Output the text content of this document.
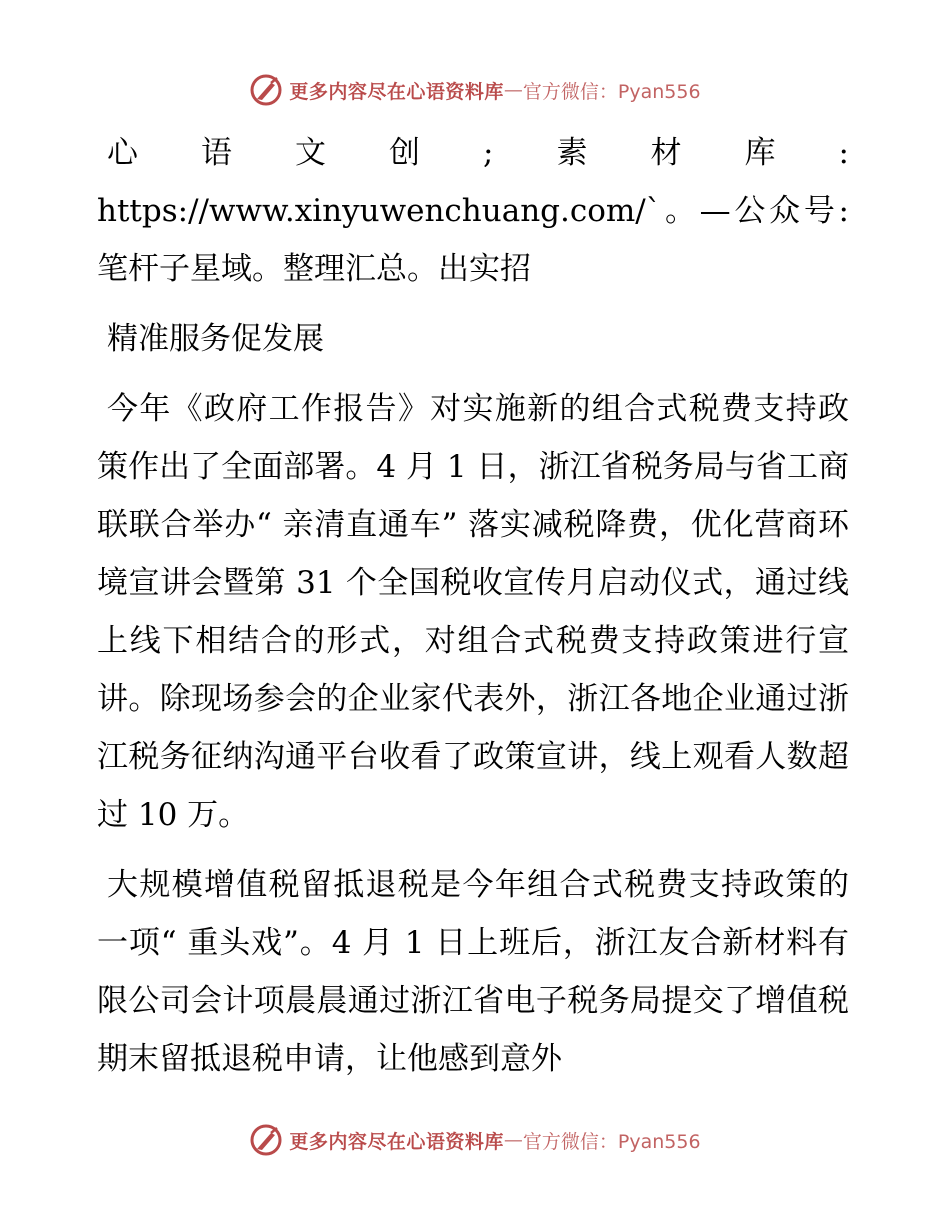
更多内容尽在心语资料库 — 官方微信：Pyan556

心语文创;素材库: https://www.xinyuwenchuang.com/`。—公众号: 笔杆子星域。整理汇总。出实招

精准服务促发展

今年《政府工作报告》对实施新的组合式税费支持政策作出了全面部署。4 月 1 日，浙江省税务局与省工商联联合举办“ 亲清直通车” 落实减税降费，优化营商环境宣讲会暨第 31 个全国税收宣传月启动仪式，通过线上线下相结合的形式，对组合式税费支持政策进行宣讲。除现场参会的企业家代表外，浙江各地企业通过浙江税务征纳沟通平台收看了政策宣讲，线上观看人数超过 10 万。

大规模增值税留抵退税是今年组合式税费支持政策的一项“ 重头戏”。4 月 1 日上班后，浙江友合新材料有限公司会计项晨晨通过浙江省电子税务局提交了增值税期末留抵退税申请，让他感到意外

更多内容尽在心语资料库 — 官方微信：Pyan556
